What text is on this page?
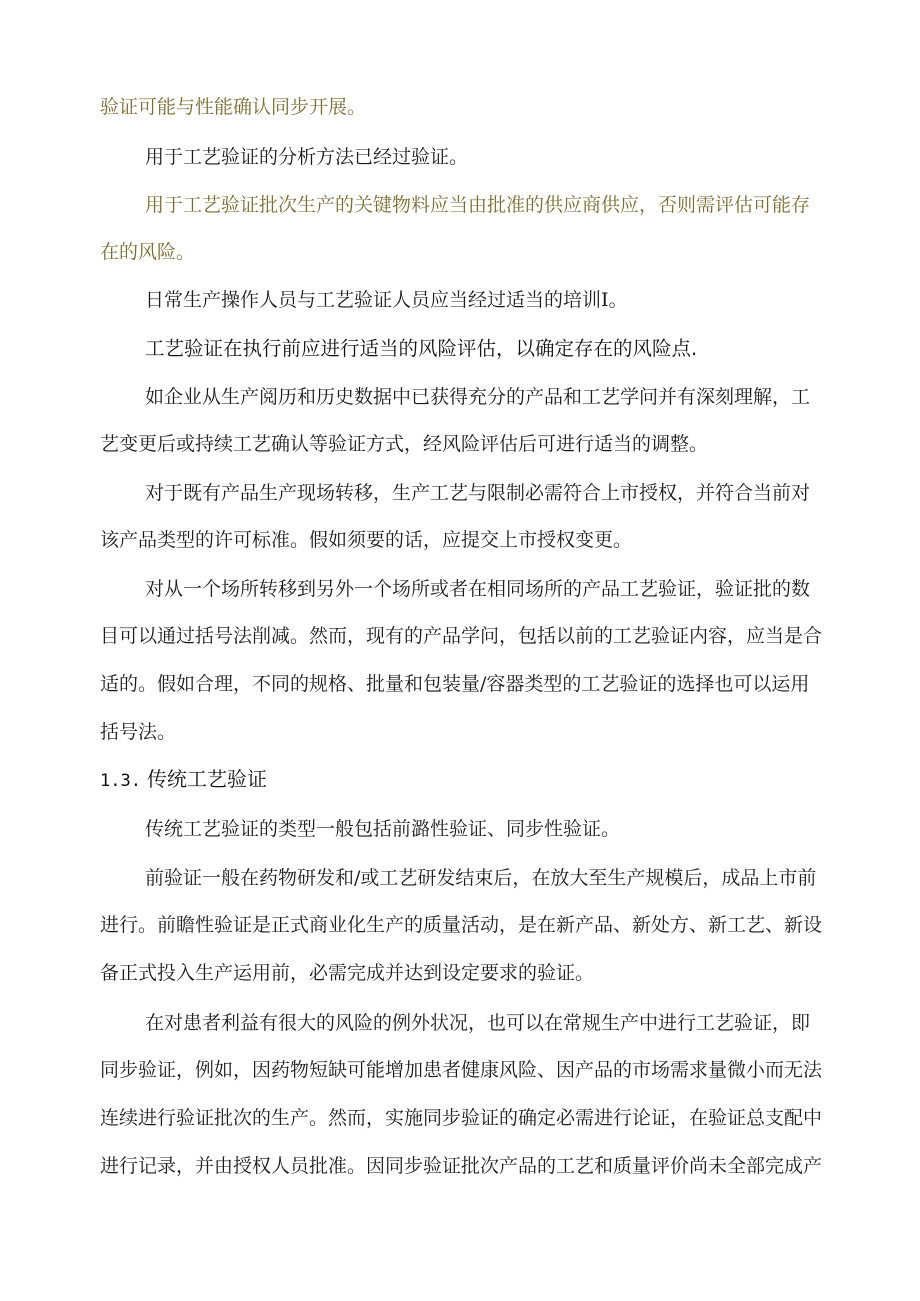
验证可能与性能确认同步开展。
用于工艺验证的分析方法已经过验证。
用于工艺验证批次生产的关键物料应当由批准的供应商供应，否则需评估可能存
在的风险。
日常生产操作人员与工艺验证人员应当经过适当的培训I。
工艺验证在执行前应进行适当的风险评估，以确定存在的风险点.
如企业从生产阅历和历史数据中已获得充分的产品和工艺学问并有深刻理解，工
艺变更后或持续工艺确认等验证方式，经风险评估后可进行适当的调整。
对于既有产品生产现场转移，生产工艺与限制必需符合上市授权，并符合当前对
该产品类型的许可标准。假如须要的话，应提交上市授权变更。
对从一个场所转移到另外一个场所或者在相同场所的产品工艺验证，验证批的数
目可以通过括号法削减。然而，现有的产品学问，包括以前的工艺验证内容，应当是合
适的。假如合理，不同的规格、批量和包装量/容器类型的工艺验证的选择也可以运用
括号法。
1.3. 传统工艺验证
传统工艺验证的类型一般包括前潞性验证、同步性验证。
前验证一般在药物研发和/或工艺研发结束后，在放大至生产规模后，成品上市前
进行。前瞻性验证是正式商业化生产的质量活动，是在新产品、新处方、新工艺、新设
备正式投入生产运用前，必需完成并达到设定要求的验证。
在对患者利益有很大的风险的例外状况，也可以在常规生产中进行工艺验证，即
同步验证，例如，因药物短缺可能增加患者健康风险、因产品的市场需求量微小而无法
连续进行验证批次的生产。然而，实施同步验证的确定必需进行论证，在验证总支配中
进行记录，并由授权人员批准。因同步验证批次产品的工艺和质量评价尚未全部完成产
